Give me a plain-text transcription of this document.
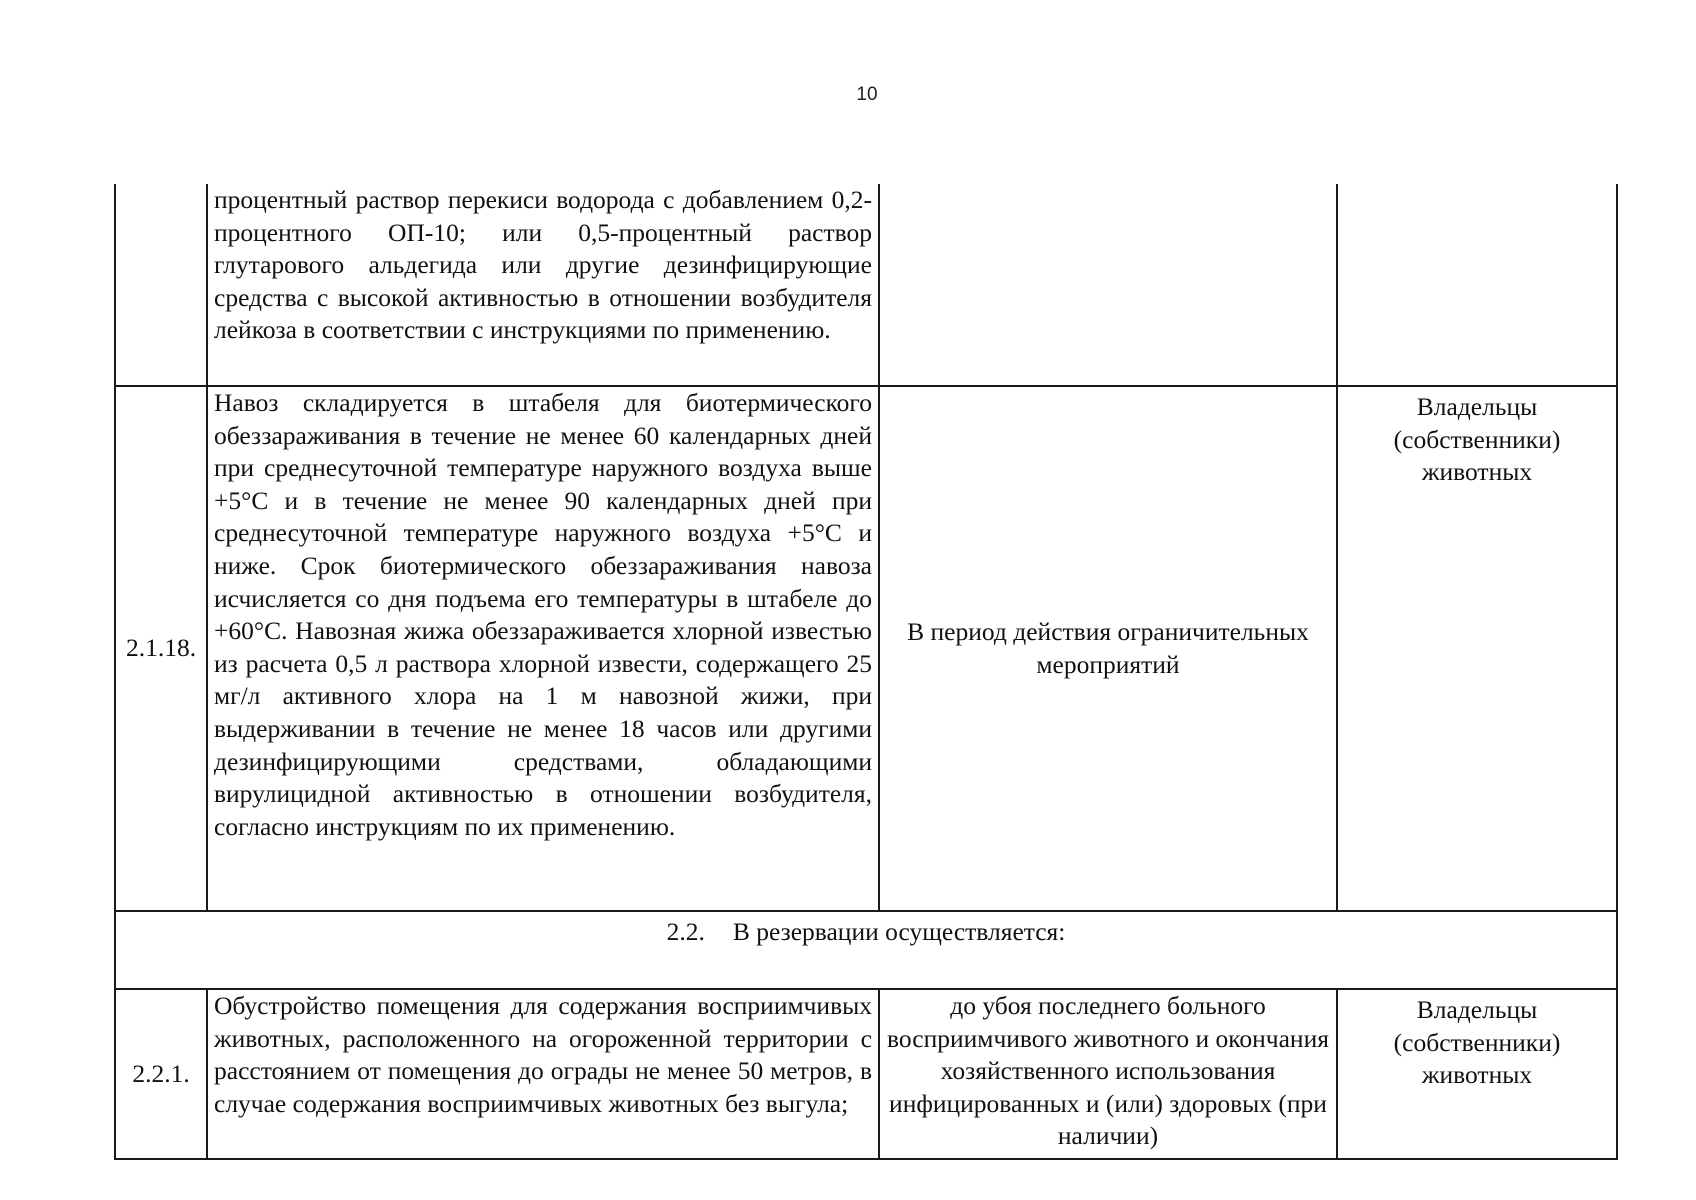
10
	процентный раствор перекиси водорода с добавлением 0,2-процентного ОП-10; или 0,5-процентный раствор глутарового альдегида или другие дезинфицирующие средства с высокой активностью в отношении возбудителя лейкоза в соответствии с инструкциями по применению.		
2.1.18.	Навоз складируется в штабеля для биотермического обеззараживания в течение не менее 60 календарных дней при среднесуточной температуре наружного воздуха выше +5°С и в течение не менее 90 календарных дней при среднесуточной температуре наружного воздуха +5°С и ниже. Срок биотермического обеззараживания навоза исчисляется со дня подъема его температуры в штабеле до +60°С. Навозная жижа обеззараживается хлорной известью из расчета 0,5 л раствора хлорной извести, содержащего 25 мг/л активного хлора на 1 м навозной жижи, при выдерживании в течение не менее 18 часов или другими дезинфицирующими средствами, обладающими вирулицидной активностью в отношении возбудителя, согласно инструкциям по их применению.	В период действия ограничительных мероприятий	Владельцы (собственники) животных
2.2. В резервации осуществляется:			
2.2.1.	Обустройство помещения для содержания восприимчивых животных, расположенного на огороженной территории с расстоянием от помещения до ограды не менее 50 метров, в случае содержания восприимчивых животных без выгула;	до убоя последнего больного восприимчивого животного и окончания хозяйственного использования инфицированных и (или) здоровых (при наличии)	Владельцы (собственники) животных
